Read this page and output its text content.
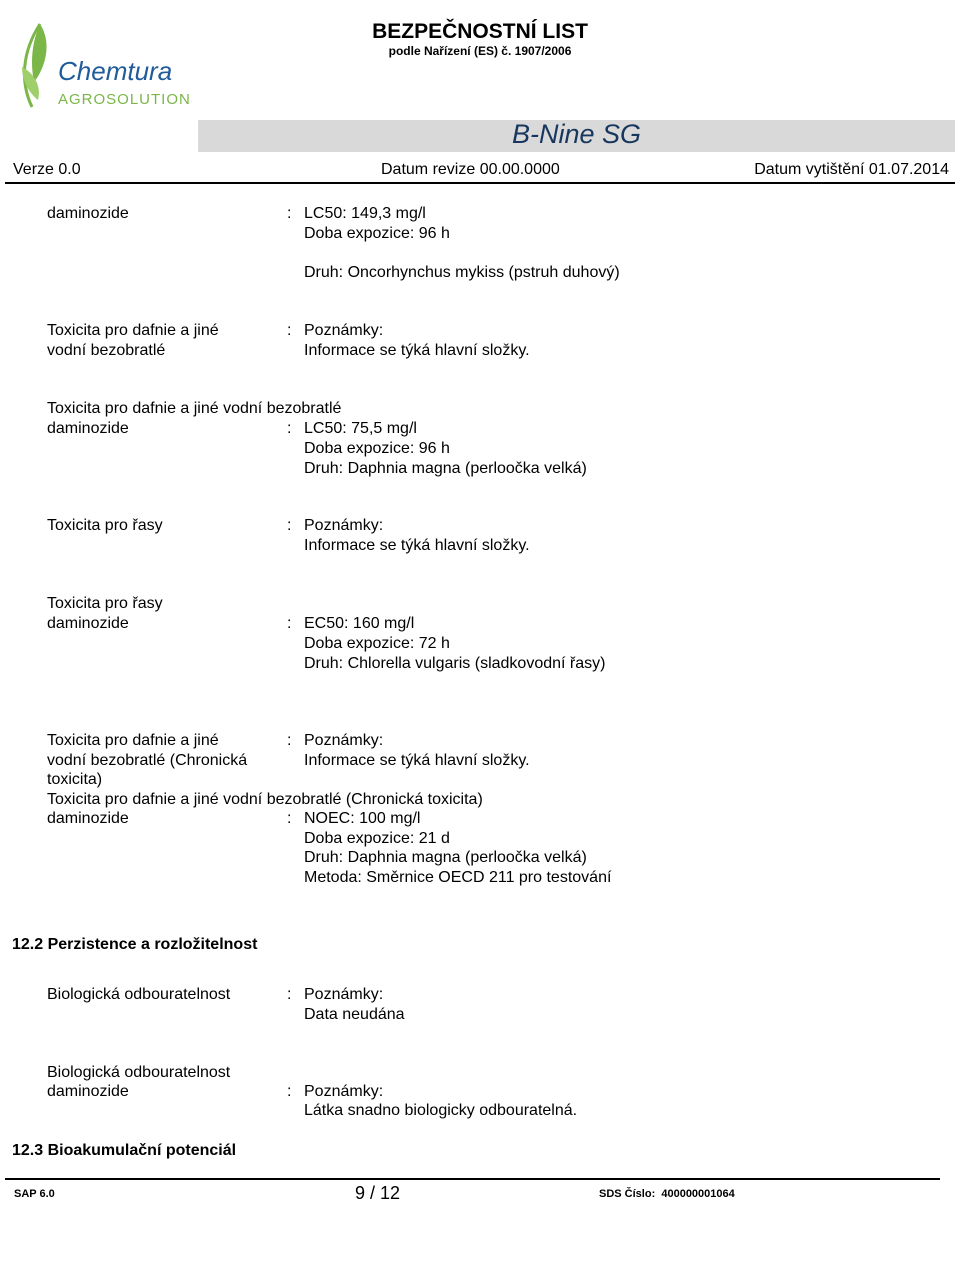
Chemtura
AGROSOLUTIONS
BEZPEČNOSTNÍ LIST
podle Nařízení (ES) č. 1907/2006
B-Nine SG
Verze 0.0	Datum revize 00.00.0000	Datum vytištění 01.07.2014
daminozide	: LC50: 149,3 mg/l
Doba expozice: 96 h
Druh: Oncorhynchus mykiss (pstruh duhový)
Toxicita pro dafnie a jiné
vodní bezobratlé
: Poznámky:
Informace se týká hlavní složky.
Toxicita pro dafnie a jiné vodní bezobratlé
daminozide	: LC50: 75,5 mg/l
Doba expozice: 96 h
Druh: Daphnia magna (perloočka velká)
Toxicita pro řasy	: Poznámky:
Informace se týká hlavní složky.
Toxicita pro řasy
daminozide	: EC50: 160 mg/l
Doba expozice: 72 h
Druh: Chlorella vulgaris (sladkovodní řasy)
Toxicita pro dafnie a jiné
vodní bezobratlé (Chronická
toxicita)
: Poznámky:
Informace se týká hlavní složky.
Toxicita pro dafnie a jiné vodní bezobratlé (Chronická toxicita)
daminozide	: NOEC: 100 mg/l
Doba expozice: 21 d
Druh: Daphnia magna (perloočka velká)
Metoda: Směrnice OECD 211 pro testování
12.2 Perzistence a rozložitelnost
Biologická odbouratelnost	: Poznámky:
Data neudána
Biologická odbouratelnost
daminozide	: Poznámky:
Látka snadno biologicky odbouratelná.
12.3 Bioakumulační potenciál
SAP 6.0	9 / 12	SDS Číslo:  400000001064
